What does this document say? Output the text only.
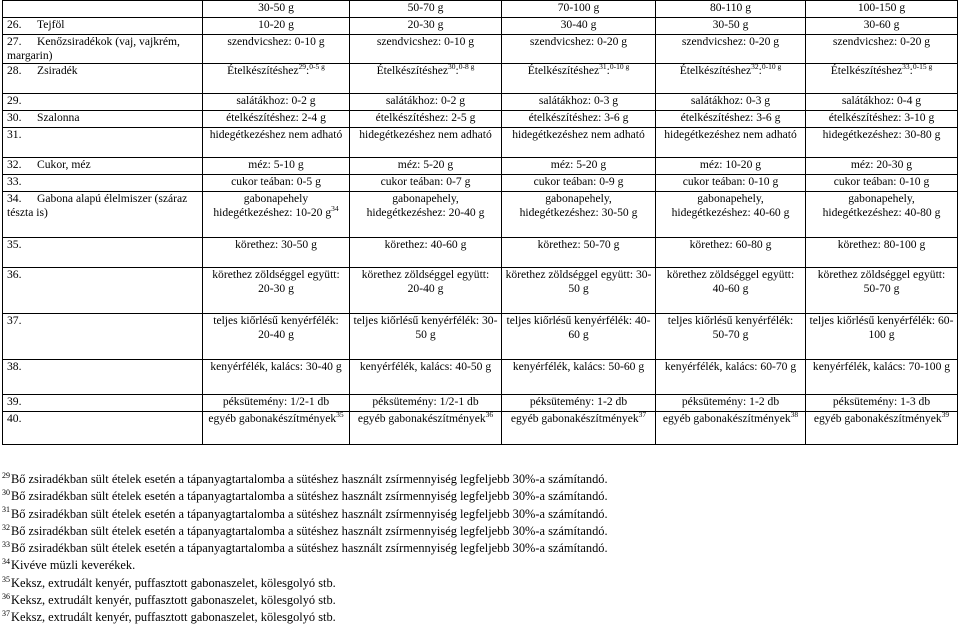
	30-50 g	50-70 g	70-100 g	80-110 g	100-150 g
26. Tejföl	10-20 g	20-30 g	30-40 g	30-50 g	30-60 g
27. Kenőzsiradékok (vaj, vajkrém, margarin)	szendvicshez: 0-10 g	szendvicshez: 0-10 g	szendvicshez: 0-20 g	szendvicshez: 0-20 g	szendvicshez: 0-20 g
28. Zsiradék	Ételkészítéshez$^{29}$:$^{0-5 g}$	Ételkészítéshez$^{30}$:$^{0-8 g}$	Ételkészítéshez$^{31}$:$^{0-10 g}$	Ételkészítéshez$^{32}$:$^{0-10 g}$	Ételkészítéshez$^{33}$:$^{0-15 g}$
29.	salátákhoz: 0-2 g	salátákhoz: 0-2 g	salátákhoz: 0-3 g	salátákhoz: 0-3 g	salátákhoz: 0-4 g
30. Szalonna	ételkészítéshez: 2-4 g	ételkészítéshez: 2-5 g	ételkészítéshez: 3-6 g	ételkészítéshez: 3-6 g	ételkészítéshez: 3-10 g
31.	hidegétkezéshez nem adható	hidegétkezéshez nem adható	hidegétkezéshez nem adható	hidegétkezéshez nem adható	hidegétkezéshez: 30-80 g
32. Cukor, méz	méz: 5-10 g	méz: 5-20 g	méz: 5-20 g	méz: 10-20 g	méz: 20-30 g
33.	cukor teában: 0-5 g	cukor teában: 0-7 g	cukor teában: 0-9 g	cukor teában: 0-10 g	cukor teában: 0-10 g
34. Gabona alapú élelmiszer (száraz tészta is)	gabonapehely hidegétkezéshez: 10-20 $g^{34}$	gabonapehely, hidegétkezéshez: 20-40 g	gabonapehely, hidegétkezéshez: 30-50 g	gabonapehely, hidegétkezéshez: 40-60 g	gabonapehely, hidegétkezéshez: 40-80 g
35.	körethez: 30-50 g	körethez: 40-60 g	körethez: 50-70 g	körethez: 60-80 g	körethez: 80-100 g
36.	körethez zöldséggel együtt: 20-30 g	körethez zöldséggel együtt: 20-40 g	körethez zöldséggel együtt: 30-50 g	körethez zöldséggel együtt: 40-60 g	körethez zöldséggel együtt: 50-70 g
37.	teljes kiőrlésű kenyérfélék: 20-40 g	teljes kiőrlésű kenyérfélék: 30-50 g	teljes kiőrlésű kenyérfélék: 40-60 g	teljes kiőrlésű kenyérfélék: 50-70 g	teljes kiőrlésű kenyérfélék: 60-100 g
38.	kenyérfélék, kalács: 30-40 g	kenyérfélék, kalács: 40-50 g	kenyérfélék, kalács: 50-60 g	kenyérfélék, kalács: 60-70 g	kenyérfélék, kalács: 70-100 g
39.	péksütemény: 1/2-1 db	péksütemény: 1/2-1 db	péksütemény: 1-2 db	péksütemény: 1-2 db	péksütemény: 1-3 db
40.	egyéb gabonakészítmények$^{35}$	egyéb gabonakészítmények$^{36}$	egyéb gabonakészítmények$^{37}$	egyéb gabonakészítmények$^{38}$	egyéb gabonakészítmények$^{39}$
$^{29}$Bő zsiradékban sült ételek esetén a tápanyagtartalomba a sütéshez használt zsírmennyiség legfeljebb 30%-a számítandó.
$^{30}$Bő zsiradékban sült ételek esetén a tápanyagtartalomba a sütéshez használt zsírmennyiség legfeljebb 30%-a számítandó.
$^{31}$Bő zsiradékban sült ételek esetén a tápanyagtartalomba a sütéshez használt zsírmennyiség legfeljebb 30%-a számítandó.
$^{32}$Bő zsiradékban sült ételek esetén a tápanyagtartalomba a sütéshez használt zsírmennyiség legfeljebb 30%-a számítandó.
$^{33}$Bő zsiradékban sült ételek esetén a tápanyagtartalomba a sütéshez használt zsírmennyiség legfeljebb 30%-a számítandó.
$^{34}$Kivéve müzli keverékek.
$^{35}$Keksz, extrudált kenyér, puffasztott gabonaszelet, kölesgolyó stb.
$^{36}$Keksz, extrudált kenyér, puffasztott gabonaszelet, kölesgolyó stb.
$^{37}$Keksz, extrudált kenyér, puffasztott gabonaszelet, kölesgolyó stb.
